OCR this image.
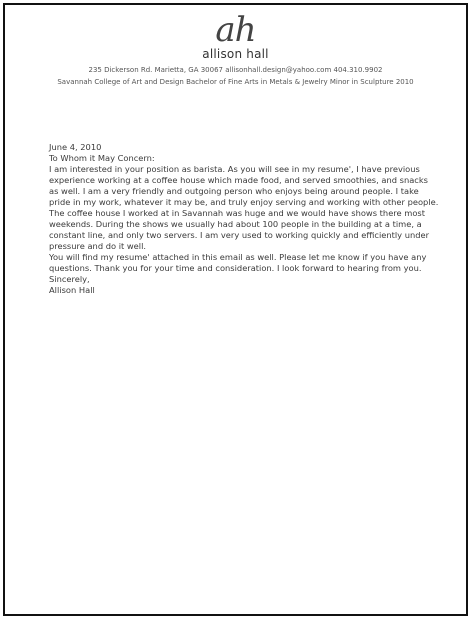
ah
allison hall
235 Dickerson Rd. Marietta, GA 30067 allisonhall.design@yahoo.com 404.310.9902
Savannah College of Art and Design Bachelor of Fine Arts in Metals & Jewelry Minor in Sculpture 2010

June 4, 2010

To Whom it May Concern:

I am interested in your position as barista. As you will see in my resume', I have previous experience working at a coffee house which made food, and served smoothies, and snacks as well. I am a very friendly and outgoing person who enjoys being around people. I take pride in my work, whatever it may be, and truly enjoy serving and working with other people.

The coffee house I worked at in Savannah was huge and we would have shows there most weekends. During the shows we usually had about 100 people in the building at a time, a constant line, and only two servers. I am very used to working quickly and efficiently under pressure and do it well.

You will find my resume' attached in this email as well. Please let me know if you have any questions. Thank you for your time and consideration. I look forward to hearing from you.

Sincerely,

Allison Hall
